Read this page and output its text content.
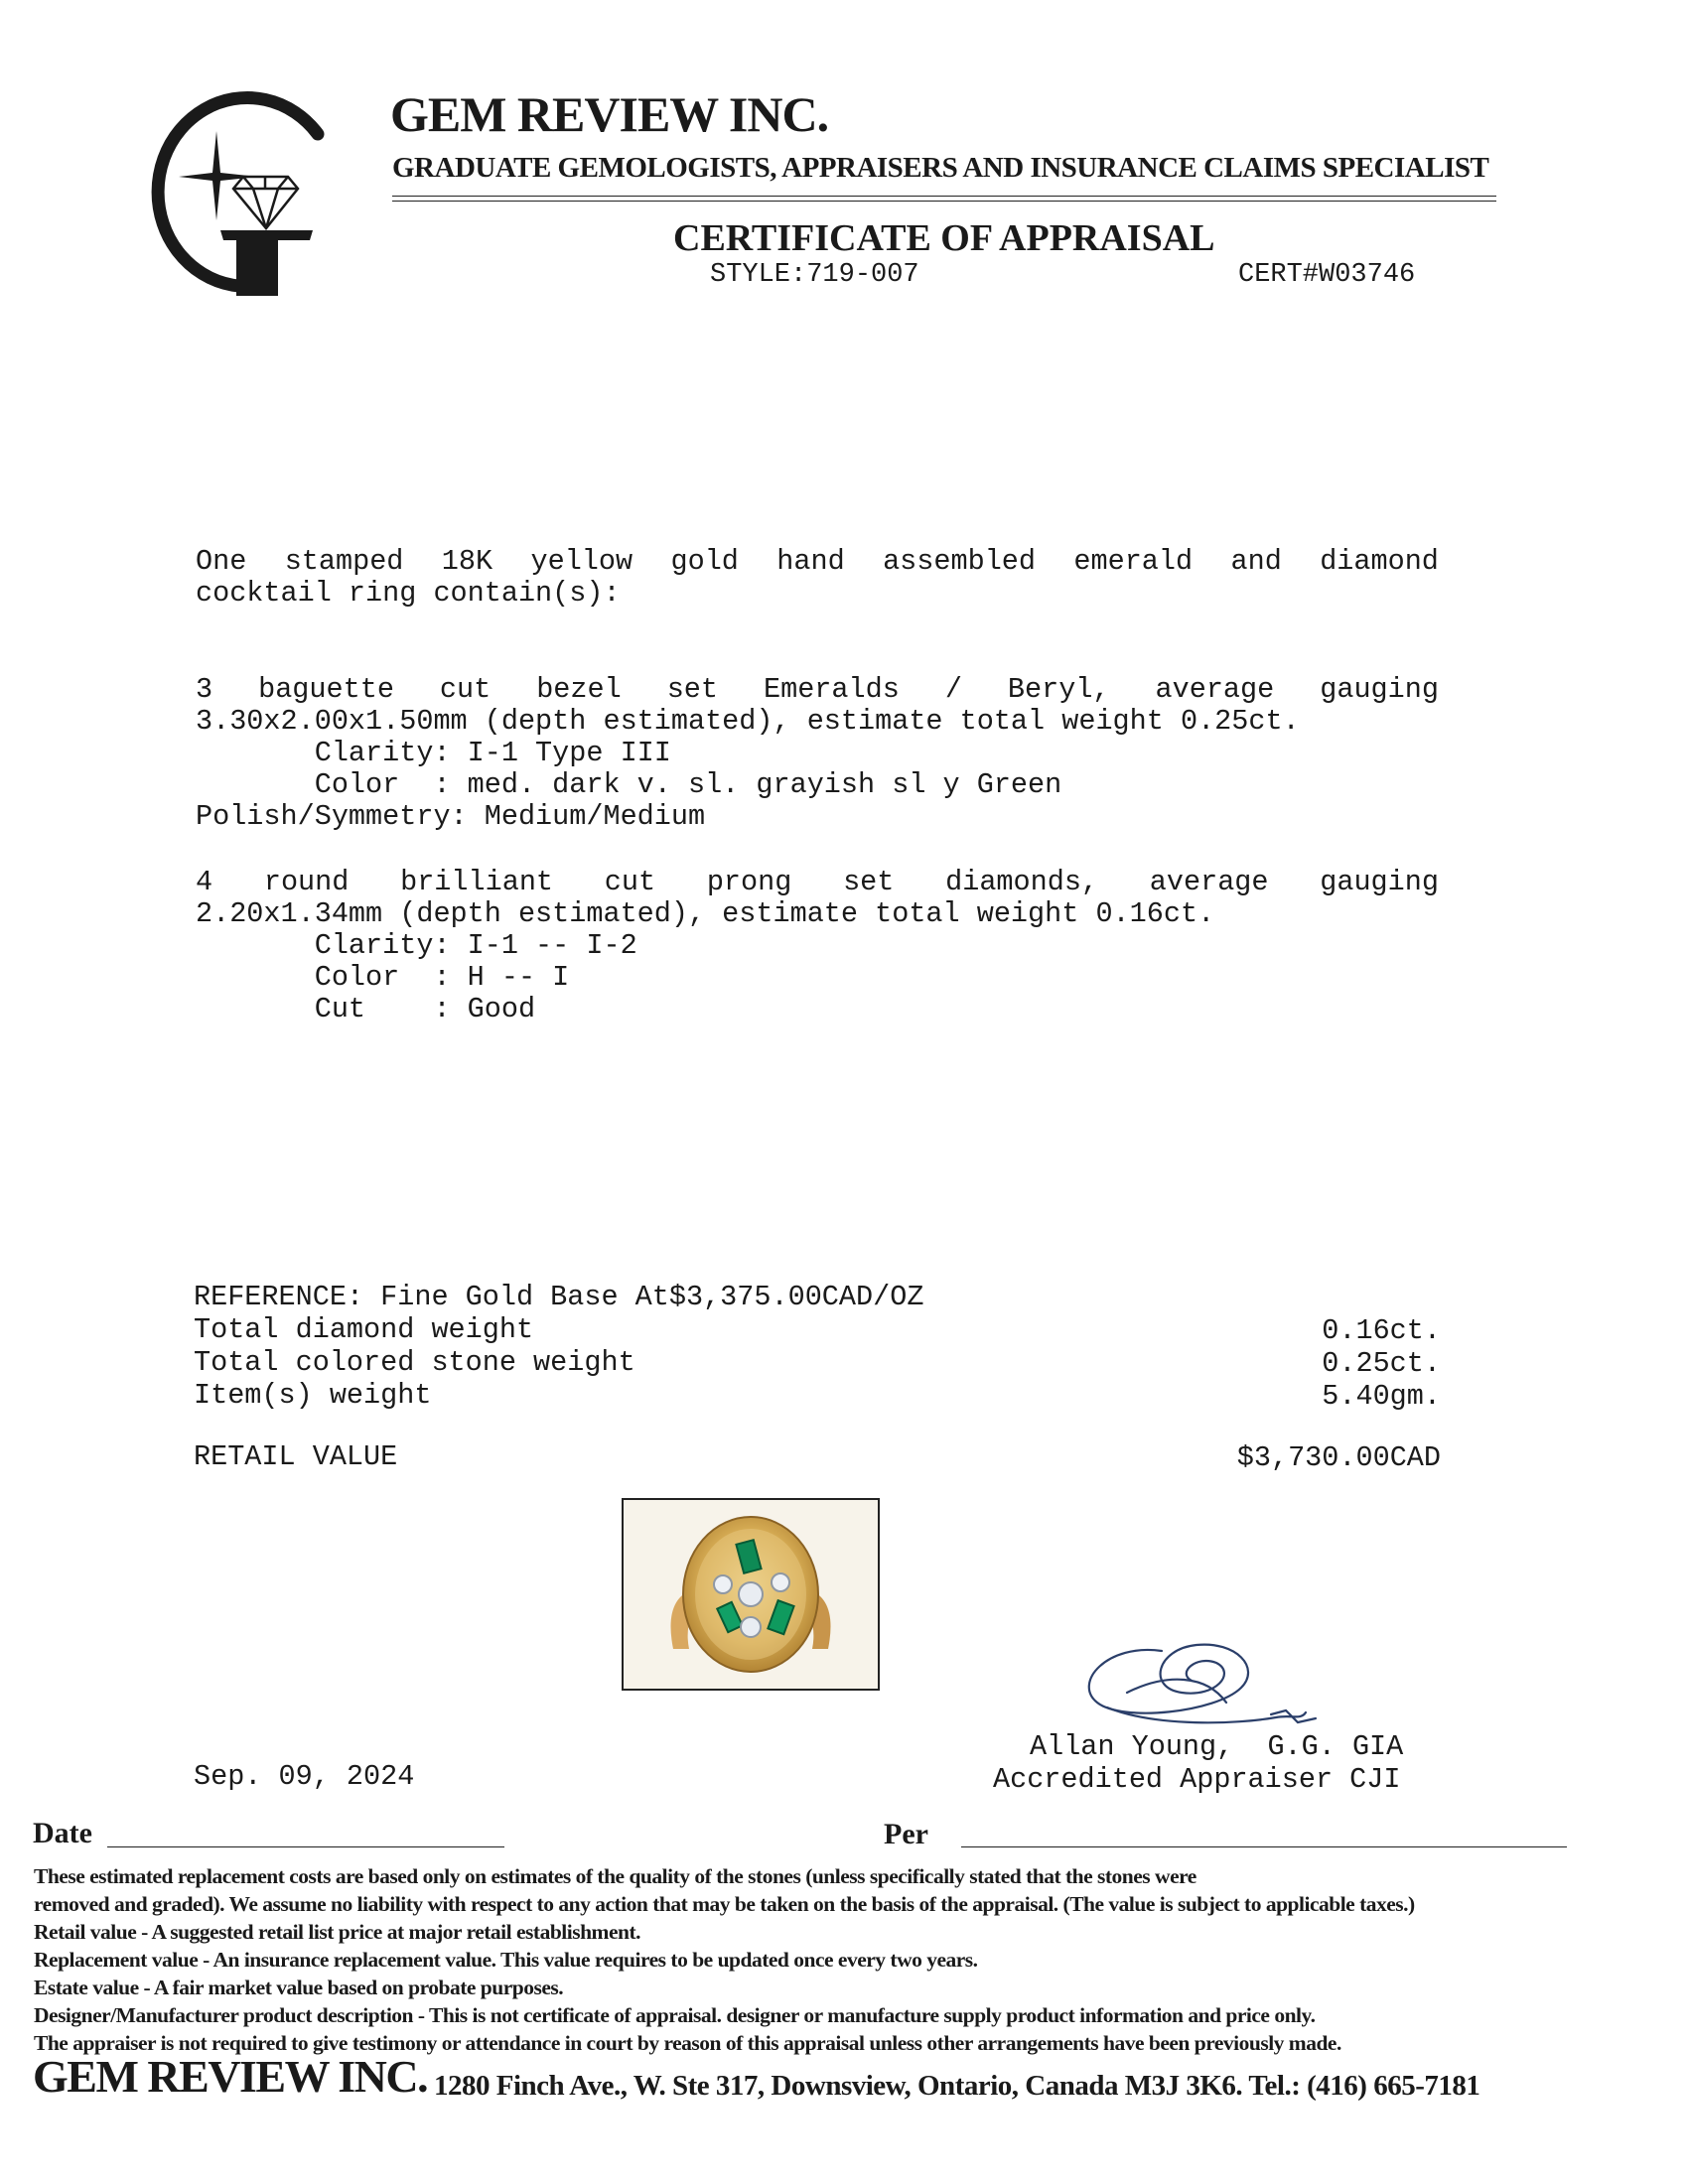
GEM REVIEW INC.
GRADUATE GEMOLOGISTS, APPRAISERS AND INSURANCE CLAIMS SPECIALIST
CERTIFICATE OF APPRAISAL
STYLE:719-007	CERT#W03746
One stamped 18K yellow gold hand assembled emerald and diamond
cocktail ring contain(s):
3 baguette cut bezel set Emeralds / Beryl, average gauging
3.30x2.00x1.50mm (depth estimated), estimate total weight 0.25ct.
Clarity: I-1 Type III
Color  : med. dark v. sl. grayish sl y Green
Polish/Symmetry: Medium/Medium
4 round brilliant cut prong set diamonds, average gauging
2.20x1.34mm (depth estimated), estimate total weight 0.16ct.
Clarity: I-1 -- I-2
Color  : H -- I
Cut    : Good
REFERENCE: Fine Gold Base At$3,375.00CAD/OZ
Total diamond weight	0.16ct.
Total colored stone weight	0.25ct.
Item(s) weight	5.40gm.
RETAIL VALUE	$3,730.00CAD
Allan Young,  G.G. GIA
Accredited Appraiser CJI
Sep. 09, 2024
Date	Per
These estimated replacement costs are based only on estimates of the quality of the stones (unless specifically stated that the stones were
removed and graded). We assume no liability with respect to any action that may be taken on the basis of the appraisal. (The value is subject to applicable taxes.)
Retail value - A suggested retail list price at major retail establishment.
Replacement value - An insurance replacement value. This value requires to be updated once every two years.
Estate value - A fair market value based on probate purposes.
Designer/Manufacturer product description - This is not certificate of appraisal. designer or manufacture supply product information and price only.
The appraiser is not required to give testimony or attendance in court by reason of this appraisal unless other arrangements have been previously made.
GEM REVIEW INC. 1280 Finch Ave., W. Ste 317, Downsview, Ontario, Canada M3J 3K6. Tel.: (416) 665-7181
